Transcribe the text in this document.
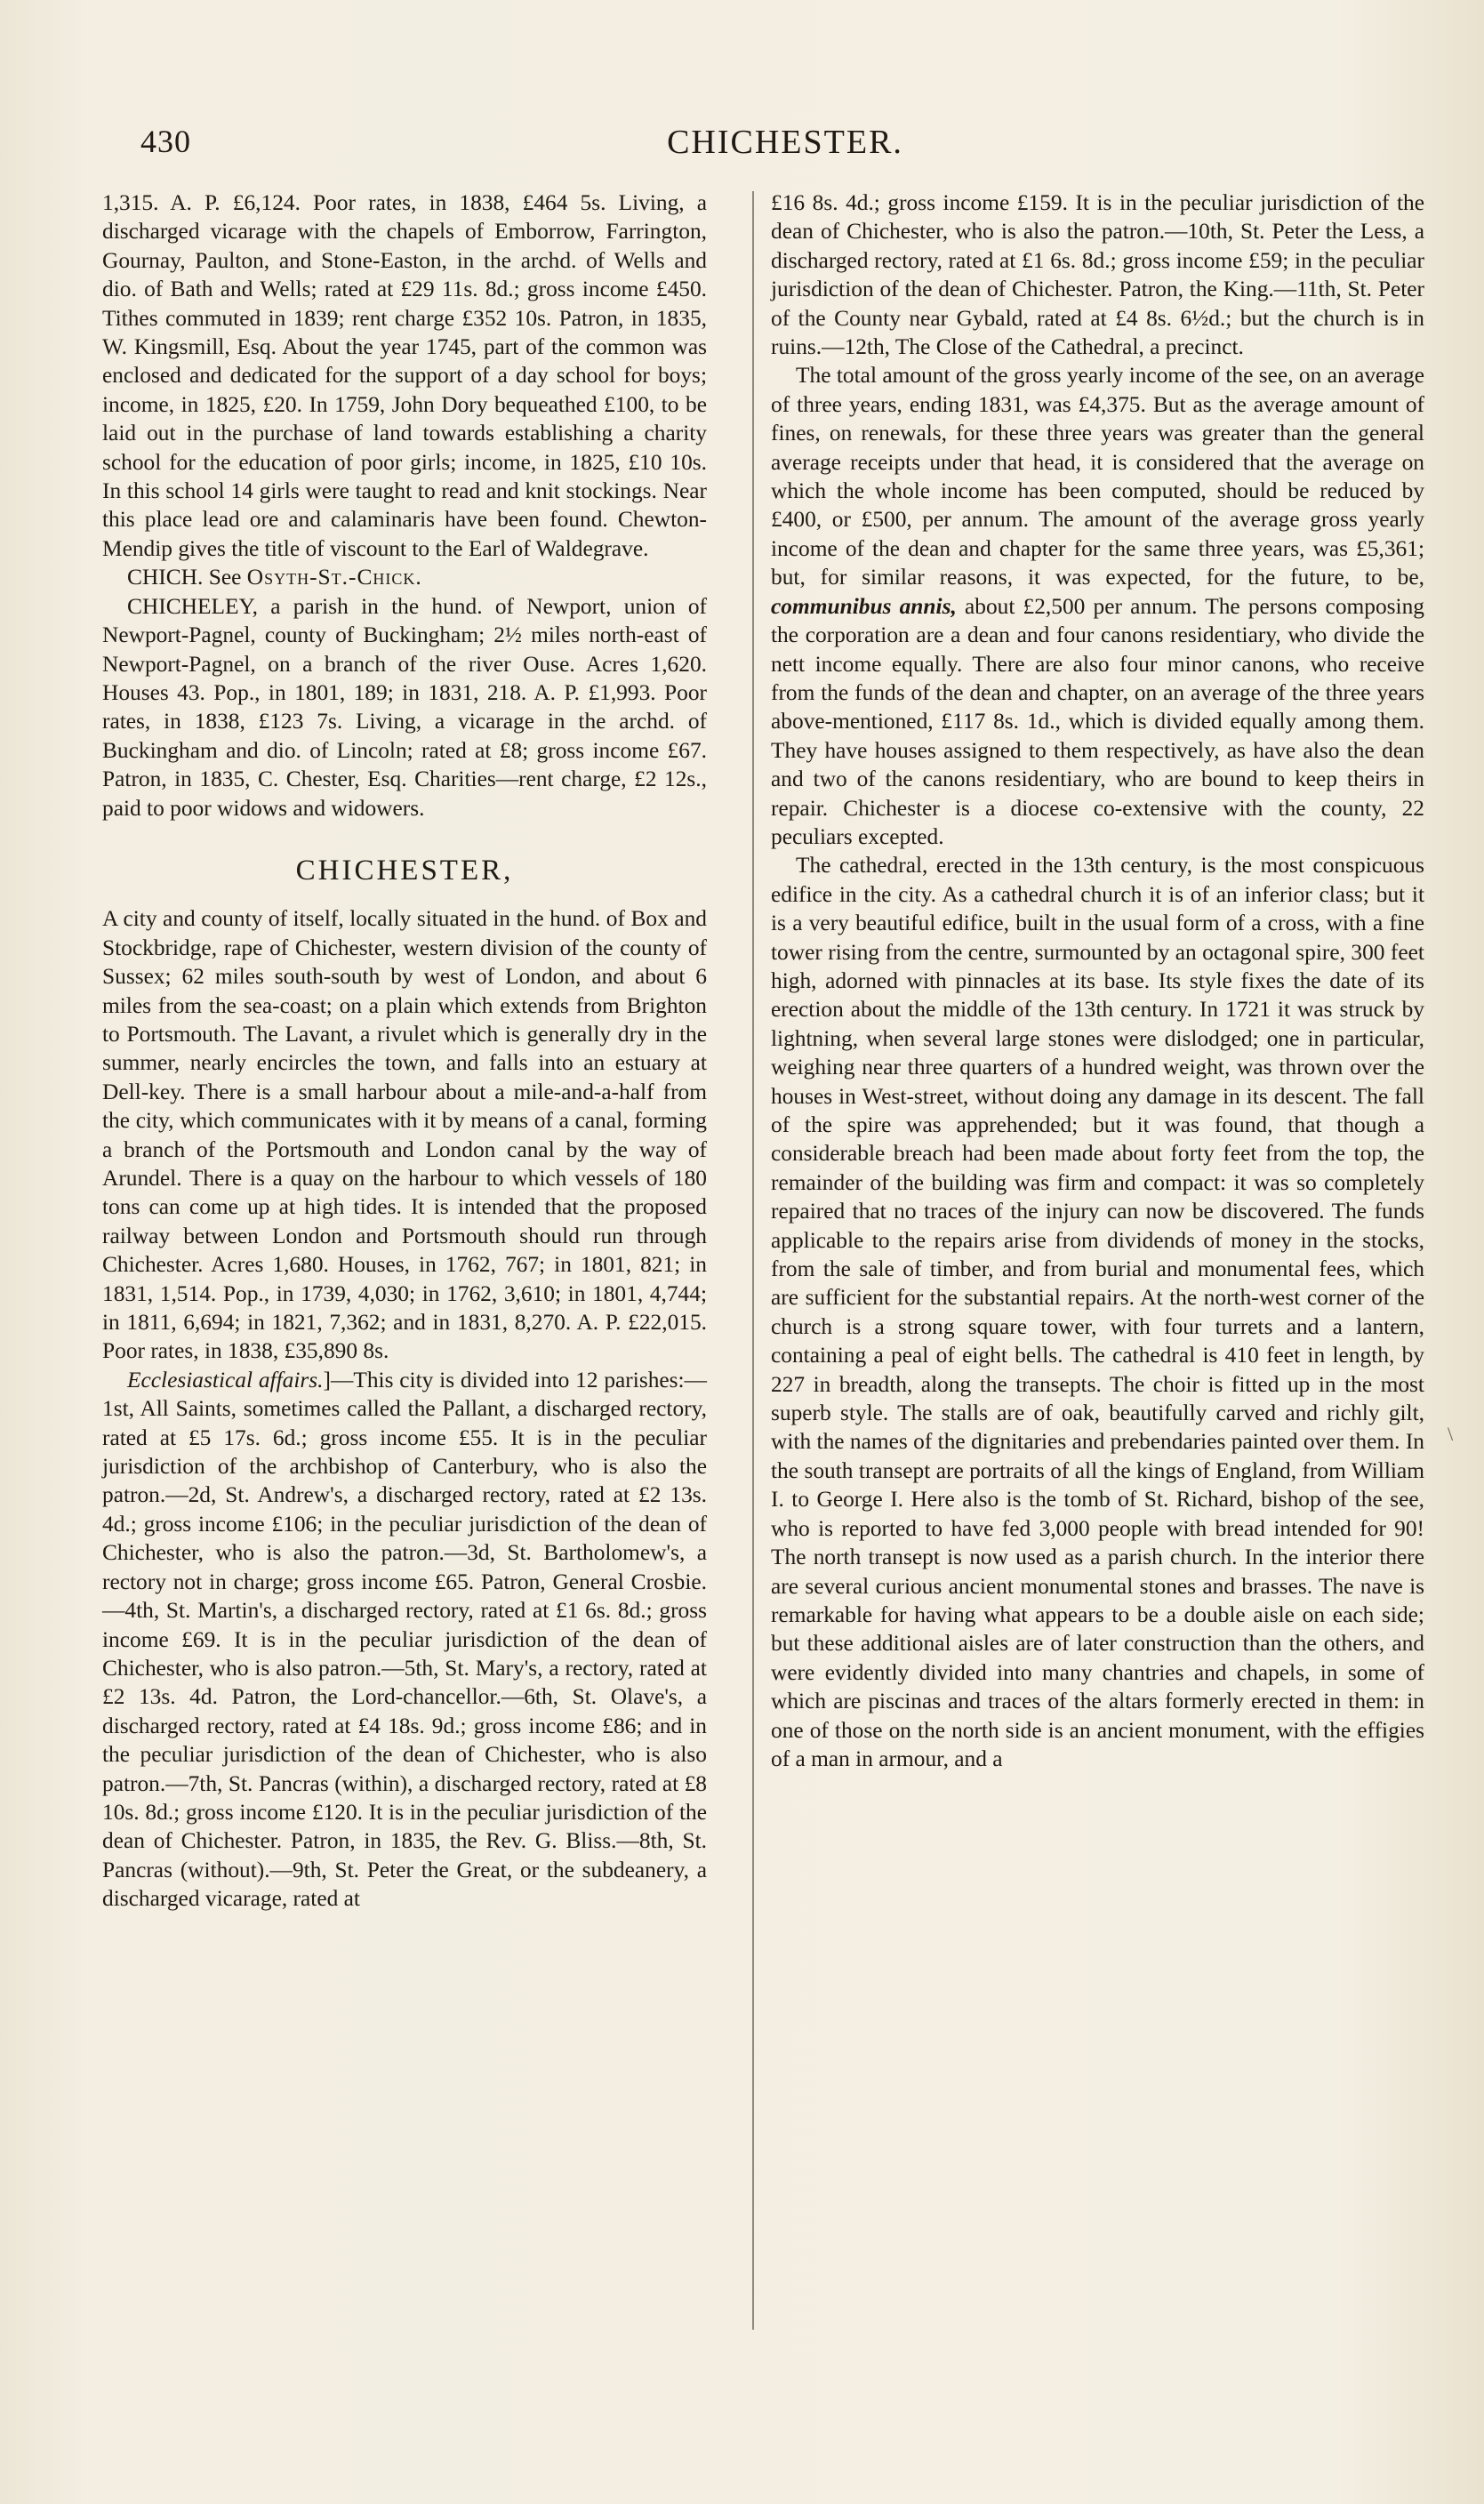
430	CHICHESTER.

1,315. A. P. £6,124. Poor rates, in 1838, £464 5s. Living, a discharged vicarage with the chapels of Emborrow, Farrington, Gournay, Paulton, and Stone-Easton, in the archd. of Wells and dio. of Bath and Wells; rated at £29 11s. 8d.; gross income £450. Tithes commuted in 1839; rent charge £352 10s. Patron, in 1835, W. Kingsmill, Esq. About the year 1745, part of the common was enclosed and dedicated for the support of a day school for boys; income, in 1825, £20. In 1759, John Dory bequeathed £100, to be laid out in the purchase of land towards establishing a charity school for the education of poor girls; income, in 1825, £10 10s. In this school 14 girls were taught to read and knit stockings. Near this place lead ore and calaminaris have been found. Chewton-Mendip gives the title of viscount to the Earl of Waldegrave.

CHICH. See Osyth-St.-Chick.

CHICHELEY, a parish in the hund. of Newport, union of Newport-Pagnel, county of Buckingham; 2½ miles north-east of Newport-Pagnel, on a branch of the river Ouse. Acres 1,620. Houses 43. Pop., in 1801, 189; in 1831, 218. A. P. £1,993. Poor rates, in 1838, £123 7s. Living, a vicarage in the archd. of Buckingham and dio. of Lincoln; rated at £8; gross income £67. Patron, in 1835, C. Chester, Esq. Charities—rent charge, £2 12s., paid to poor widows and widowers.

CHICHESTER,

A city and county of itself, locally situated in the hund. of Box and Stockbridge, rape of Chichester, western division of the county of Sussex; 62 miles south-south by west of London, and about 6 miles from the sea-coast; on a plain which extends from Brighton to Portsmouth. The Lavant, a rivulet which is generally dry in the summer, nearly encircles the town, and falls into an estuary at Dell-key. There is a small harbour about a mile-and-a-half from the city, which communicates with it by means of a canal, forming a branch of the Portsmouth and London canal by the way of Arundel. There is a quay on the harbour to which vessels of 180 tons can come up at high tides. It is intended that the proposed railway between London and Portsmouth should run through Chichester. Acres 1,680. Houses, in 1762, 767; in 1801, 821; in 1831, 1,514. Pop., in 1739, 4,030; in 1762, 3,610; in 1801, 4,744; in 1811, 6,694; in 1821, 7,362; and in 1831, 8,270. A. P. £22,015. Poor rates, in 1838, £35,890 8s.

Ecclesiastical affairs.]—This city is divided into 12 parishes:—1st, All Saints, sometimes called the Pallant, a discharged rectory, rated at £5 17s. 6d.; gross income £55. It is in the peculiar jurisdiction of the archbishop of Canterbury, who is also the patron.—2d, St. Andrew's, a discharged rectory, rated at £2 13s. 4d.; gross income £106; in the peculiar jurisdiction of the dean of Chichester, who is also the patron.—3d, St. Bartholomew's, a rectory not in charge; gross income £65. Patron, General Crosbie.—4th, St. Martin's, a discharged rectory, rated at £1 6s. 8d.; gross income £69. It is in the peculiar jurisdiction of the dean of Chichester, who is also patron.—5th, St. Mary's, a rectory, rated at £2 13s. 4d. Patron, the Lord-chancellor.—6th, St. Olave's, a discharged rectory, rated at £4 18s. 9d.; gross income £86; and in the peculiar jurisdiction of the dean of Chichester, who is also patron.—7th, St. Pancras (within), a discharged rectory, rated at £8 10s. 8d.; gross income £120. It is in the peculiar jurisdiction of the dean of Chichester. Patron, in 1835, the Rev. G. Bliss.—8th, St. Pancras (without).—9th, St. Peter the Great, or the subdeanery, a discharged vicarage, rated at

£16 8s. 4d.; gross income £159. It is in the peculiar jurisdiction of the dean of Chichester, who is also the patron.—10th, St. Peter the Less, a discharged rectory, rated at £1 6s. 8d.; gross income £59; in the peculiar jurisdiction of the dean of Chichester. Patron, the King.—11th, St. Peter of the County near Gybald, rated at £4 8s. 6½d.; but the church is in ruins.—12th, The Close of the Cathedral, a precinct.

The total amount of the gross yearly income of the see, on an average of three years, ending 1831, was £4,375. But as the average amount of fines, on renewals, for these three years was greater than the general average receipts under that head, it is considered that the average on which the whole income has been computed, should be reduced by £400, or £500, per annum. The amount of the average gross yearly income of the dean and chapter for the same three years, was £5,361; but, for similar reasons, it was expected, for the future, to be, communibus annis, about £2,500 per annum. The persons composing the corporation are a dean and four canons residentiary, who divide the nett income equally. There are also four minor canons, who receive from the funds of the dean and chapter, on an average of the three years above-mentioned, £117 8s. 1d., which is divided equally among them. They have houses assigned to them respectively, as have also the dean and two of the canons residentiary, who are bound to keep theirs in repair. Chichester is a diocese co-extensive with the county, 22 peculiars excepted.

The cathedral, erected in the 13th century, is the most conspicuous edifice in the city. As a cathedral church it is of an inferior class; but it is a very beautiful edifice, built in the usual form of a cross, with a fine tower rising from the centre, surmounted by an octagonal spire, 300 feet high, adorned with pinnacles at its base. Its style fixes the date of its erection about the middle of the 13th century. In 1721 it was struck by lightning, when several large stones were dislodged; one in particular, weighing near three quarters of a hundred weight, was thrown over the houses in West-street, without doing any damage in its descent. The fall of the spire was apprehended; but it was found, that though a considerable breach had been made about forty feet from the top, the remainder of the building was firm and compact: it was so completely repaired that no traces of the injury can now be discovered. The funds applicable to the repairs arise from dividends of money in the stocks, from the sale of timber, and from burial and monumental fees, which are sufficient for the substantial repairs. At the north-west corner of the church is a strong square tower, with four turrets and a lantern, containing a peal of eight bells. The cathedral is 410 feet in length, by 227 in breadth, along the transepts. The choir is fitted up in the most superb style. The stalls are of oak, beautifully carved and richly gilt, with the names of the dignitaries and prebendaries painted over them. In the south transept are portraits of all the kings of England, from William I. to George I. Here also is the tomb of St. Richard, bishop of the see, who is reported to have fed 3,000 people with bread intended for 90! The north transept is now used as a parish church. In the interior there are several curious ancient monumental stones and brasses. The nave is remarkable for having what appears to be a double aisle on each side; but these additional aisles are of later construction than the others, and were evidently divided into many chantries and chapels, in some of which are piscinas and traces of the altars formerly erected in them: in one of those on the north side is an ancient monument, with the effigies of a man in armour, and a

\
